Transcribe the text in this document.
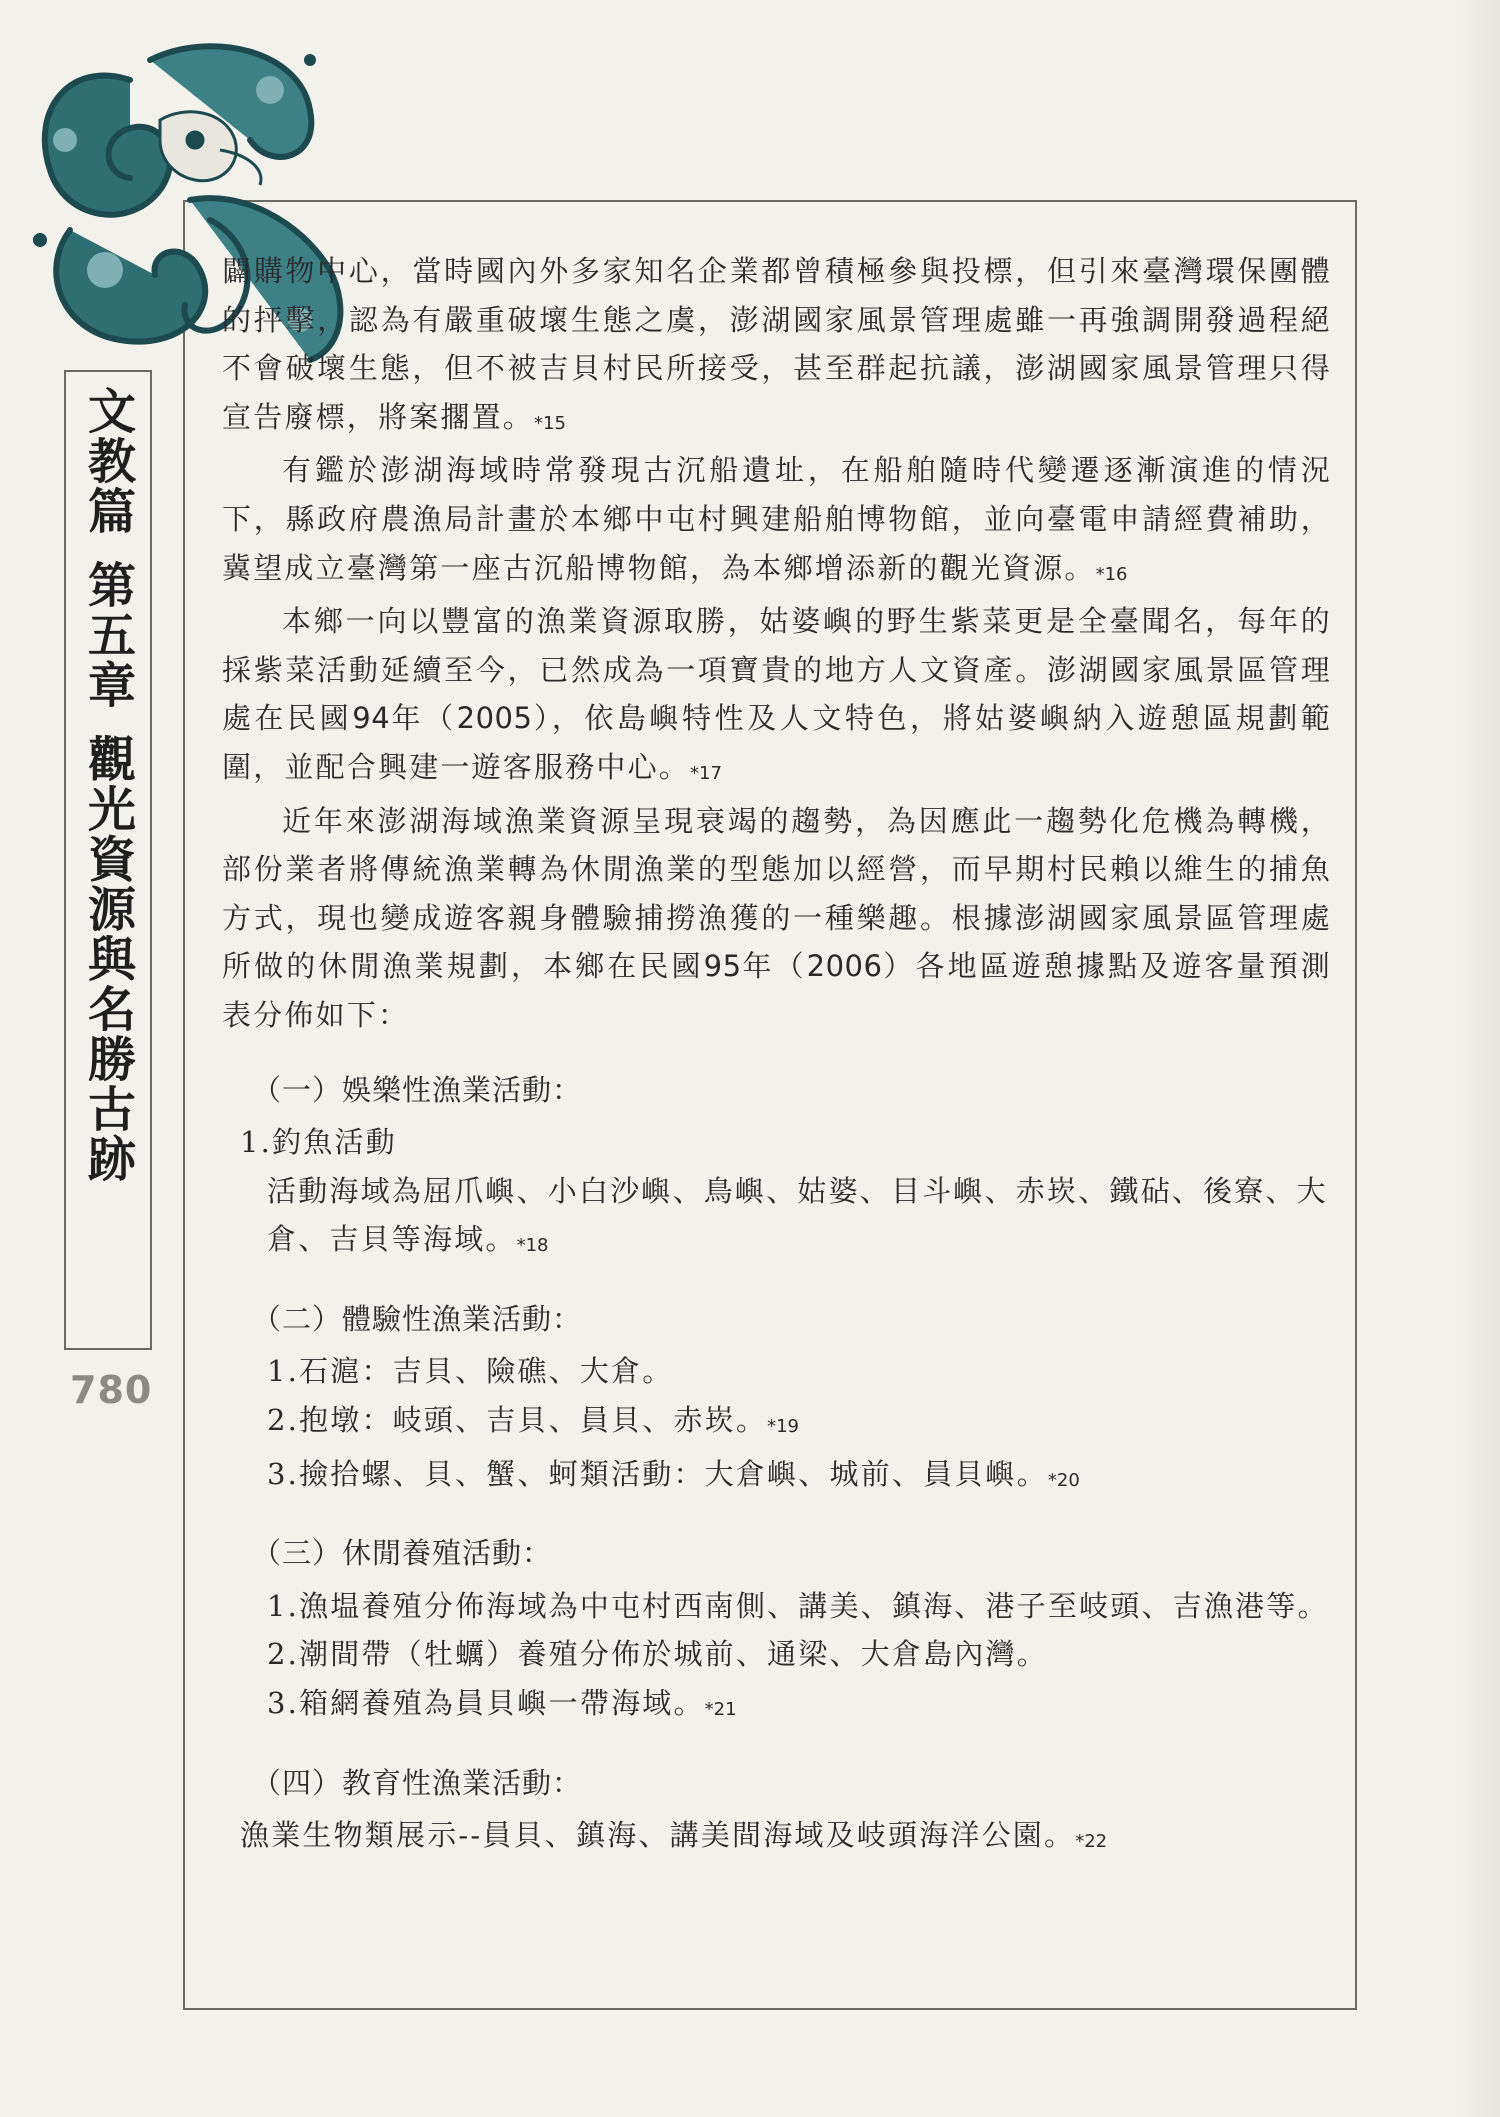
闢購物中心，當時國內外多家知名企業都曾積極參與投標，但引來臺灣環保團體的抨擊，認為有嚴重破壞生態之虞，澎湖國家風景管理處雖一再強調開發過程絕不會破壞生態，但不被吉貝村民所接受，甚至群起抗議，澎湖國家風景管理只得宣告廢標，將案擱置。*15

有鑑於澎湖海域時常發現古沉船遺址，在船舶隨時代變遷逐漸演進的情況下，縣政府農漁局計畫於本鄉中屯村興建船舶博物館，並向臺電申請經費補助，冀望成立臺灣第一座古沉船博物館，為本鄉增添新的觀光資源。*16

本鄉一向以豐富的漁業資源取勝，姑婆嶼的野生紫菜更是全臺聞名，每年的採紫菜活動延續至今，已然成為一項寶貴的地方人文資產。澎湖國家風景區管理處在民國94年（2005），依島嶼特性及人文特色，將姑婆嶼納入遊憩區規劃範圍，並配合興建一遊客服務中心。*17

近年來澎湖海域漁業資源呈現衰竭的趨勢，為因應此一趨勢化危機為轉機，部份業者將傳統漁業轉為休閒漁業的型態加以經營，而早期村民賴以維生的捕魚方式，現也變成遊客親身體驗捕撈漁獲的一種樂趣。根據澎湖國家風景區管理處所做的休閒漁業規劃，本鄉在民國95年（2006）各地區遊憩據點及遊客量預測表分佈如下：

（一）娛樂性漁業活動：

1.釣魚活動

活動海域為屈爪嶼、小白沙嶼、鳥嶼、姑婆、目斗嶼、赤崁、鐵砧、後寮、大倉、吉貝等海域。*18

（二）體驗性漁業活動：

1.石滬：吉貝、險礁、大倉。

2.抱墩：岐頭、吉貝、員貝、赤崁。*19

3.撿拾螺、貝、蟹、蚵類活動：大倉嶼、城前、員貝嶼。*20

（三）休閒養殖活動：

1.漁塭養殖分佈海域為中屯村西南側、講美、鎮海、港子至岐頭、吉漁港等。

2.潮間帶（牡蠣）養殖分佈於城前、通梁、大倉島內灣。

3.箱網養殖為員貝嶼一帶海域。*21

（四）教育性漁業活動：

漁業生物類展示--員貝、鎮海、講美間海域及岐頭海洋公園。*22

文教篇
第五章
觀光資源與名勝古跡
780
